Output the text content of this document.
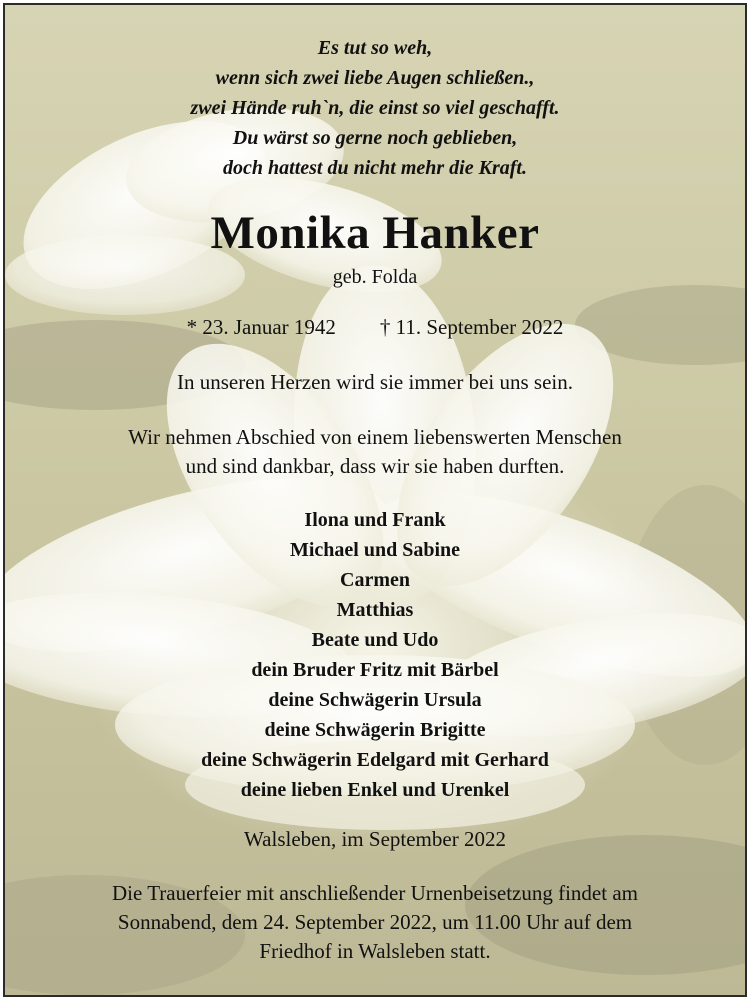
Es tut so weh,
wenn sich zwei liebe Augen schließen.,
zwei Hände ruh`n, die einst so viel geschafft.
Du wärst so gerne noch geblieben,
doch hattest du nicht mehr die Kraft.
Monika Hanker
geb. Folda
* 23. Januar 1942 † 11. September 2022
In unseren Herzen wird sie immer bei uns sein.
Wir nehmen Abschied von einem liebenswerten Menschen
und sind dankbar, dass wir sie haben durften.
Ilona und Frank
Michael und Sabine
Carmen
Matthias
Beate und Udo
dein Bruder Fritz mit Bärbel
deine Schwägerin Ursula
deine Schwägerin Brigitte
deine Schwägerin Edelgard mit Gerhard
deine lieben Enkel und Urenkel
Walsleben, im September 2022
Die Trauerfeier mit anschließender Urnenbeisetzung findet am
Sonnabend, dem 24. September 2022, um 11.00 Uhr auf dem
Friedhof in Walsleben statt.
